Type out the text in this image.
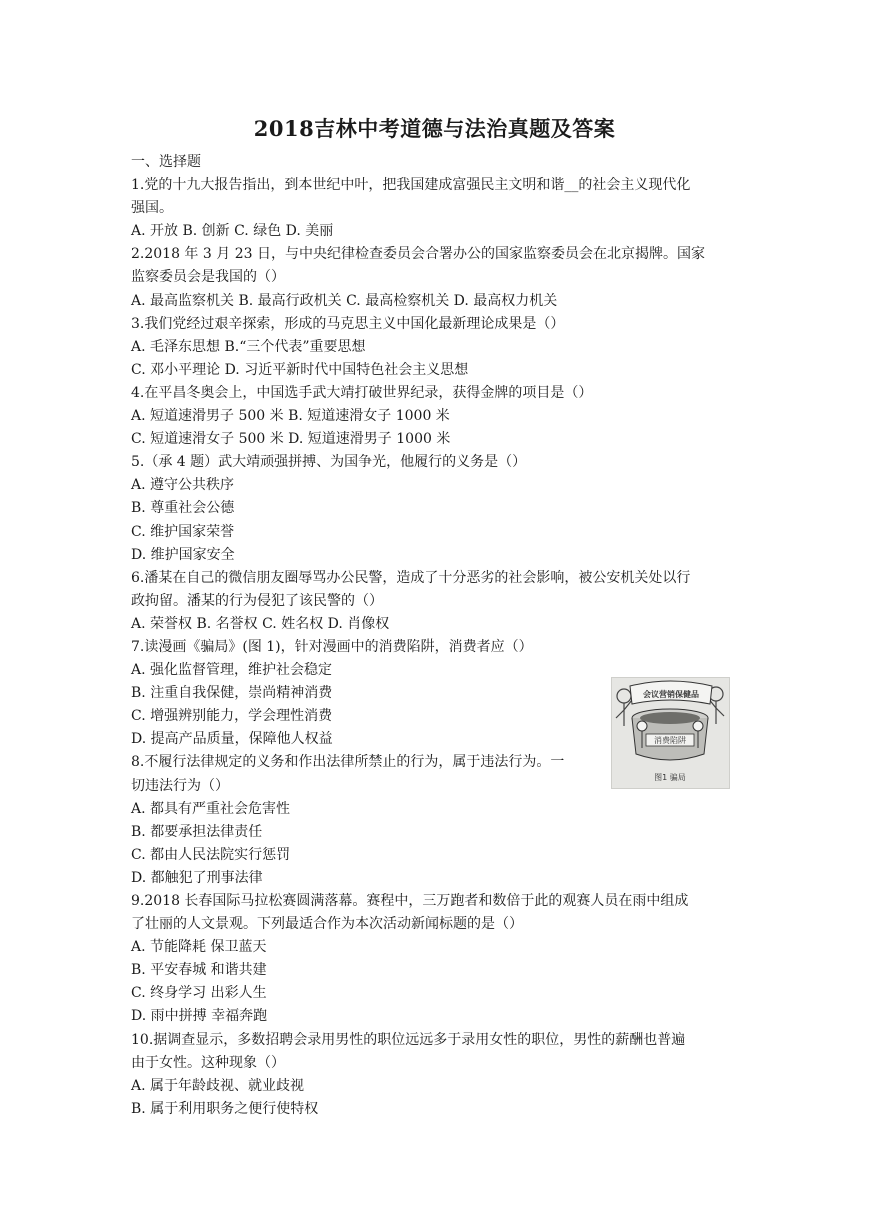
2018吉林中考道德与法治真题及答案
一、选择题
1.党的十九大报告指出，到本世纪中叶，把我国建成富强民主文明和谐__的社会主义现代化
强国。
A. 开放 B. 创新 C. 绿色 D. 美丽
2.2018 年 3 月 23 日，与中央纪律检查委员会合署办公的国家监察委员会在北京揭牌。国家
监察委员会是我国的（）
A. 最高监察机关 B. 最高行政机关 C. 最高检察机关 D. 最高权力机关
3.我们党经过艰辛探索，形成的马克思主义中国化最新理论成果是（）
A. 毛泽东思想 B.“三个代表”重要思想
C. 邓小平理论 D. 习近平新时代中国特色社会主义思想
4.在平昌冬奥会上，中国选手武大靖打破世界纪录，获得金牌的项目是（）
A. 短道速滑男子 500 米 B. 短道速滑女子 1000 米
C. 短道速滑女子 500 米 D. 短道速滑男子 1000 米
5.（承 4 题）武大靖顽强拼搏、为国争光，他履行的义务是（）
A. 遵守公共秩序
B. 尊重社会公德
C. 维护国家荣誉
D. 维护国家安全
6.潘某在自己的微信朋友圈辱骂办公民警，造成了十分恶劣的社会影响，被公安机关处以行
政拘留。潘某的行为侵犯了该民警的（）
A. 荣誉权 B. 名誉权 C. 姓名权 D. 肖像权
7.读漫画《骗局》(图 1)，针对漫画中的消费陷阱，消费者应（）
A. 强化监督管理，维护社会稳定
B. 注重自我保健，崇尚精神消费
C. 增强辨别能力，学会理性消费
D. 提高产品质量，保障他人权益
8.不履行法律规定的义务和作出法律所禁止的行为，属于违法行为。一
切违法行为（）
A. 都具有严重社会危害性
B. 都要承担法律责任
C. 都由人民法院实行惩罚
D. 都触犯了刑事法律
9.2018 长春国际马拉松赛圆满落幕。赛程中，三万跑者和数倍于此的观赛人员在雨中组成
了壮丽的人文景观。下列最适合作为本次活动新闻标题的是（）
A. 节能降耗 保卫蓝天
B. 平安春城 和谐共建
C. 终身学习 出彩人生
D. 雨中拼搏 幸福奔跑
10.据调查显示，多数招聘会录用男性的职位远远多于录用女性的职位，男性的薪酬也普遍
由于女性。这种现象（）
A. 属于年龄歧视、就业歧视
B. 属于利用职务之便行使特权
会议营销保健品
消费陷阱
图1 骗局
